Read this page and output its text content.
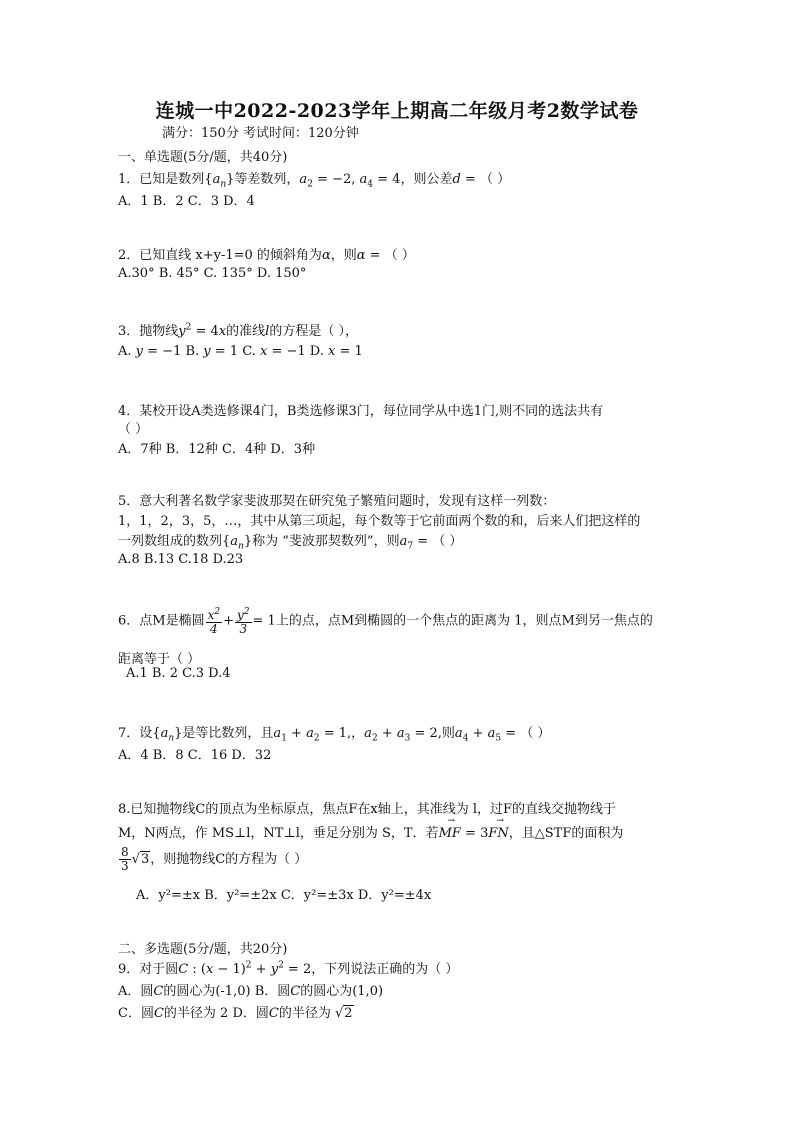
连城一中2022-2023学年上期高二年级月考2数学试卷
满分：150分 考试时间：120分钟
一、单选题(5分/题，共40分)
1．已知是数列$\{a_n\}$等差数列，$a_2 = -2$, $a_4 = 4$，则公差d = （ ）
A．1 B．2 C．3 D．4
2．已知直线 x+y-1=0 的倾斜角为α，则α = （ ）
A.30° B. 45° C. 135° D. 150°
3．抛物线$y^2 = 4x$的准线l的方程是（ ），
A. y = −1 B. y = 1 C. x = −1 D. x = 1
4．某校开设A类选修课4门，B类选修课3门，每位同学从中选1门,则不同的选法共有
（ ）
A．7种 B．12种 C．4种 D．3种
5．意大利著名数学家斐波那契在研究兔子繁殖问题时，发现有这样一列数：
1，1，2，3，5，…，其中从第三项起，每个数等于它前面两个数的和，后来人们把这样的
一列数组成的数列$\{a_n\}$称为 “斐波那契数列”，则$a_7$ = （ ）
A.8 B.13 C.18 D.23
6．点M是椭圆 $\frac{x^2}{4} + \frac{y^2}{3} = 1$上的点，点M到椭圆的一个焦点的距离为 1，则点M到另一焦点的
距离等于（ ）
A.1 B. 2 C.3 D.4
7．设$\{a_n\}$是等比数列，且$a_1 + a_2 = 1$,，$a_2 + a_3 = 2$,则$a_4 + a_5$ = （ ）
A．4 B．8 C．16 D．32
8.已知抛物线C的顶点为坐标原点，焦点F在x轴上，其准线为 l，过F的直线交抛物线于
M，N两点，作 MS⊥l，NT⊥l，垂足分别为 S，T．若→ MF = 3→ FN，且△STF的面积为
$\frac{8}{3} √3$，则抛物线C的方程为（ ）
A．y²=±x B．y²=±2x C．y²=±3x D．y²=±4x
二、多选题(5分/题，共20分)
9．对于圆C : $(x - 1)^2 + y^2 = 2$，下列说法正确的为（ ）
A．圆C的圆心为(-1,0) B．圆C的圆心为(1,0)
C．圆C的半径为 2 D．圆C的半径为 √2
